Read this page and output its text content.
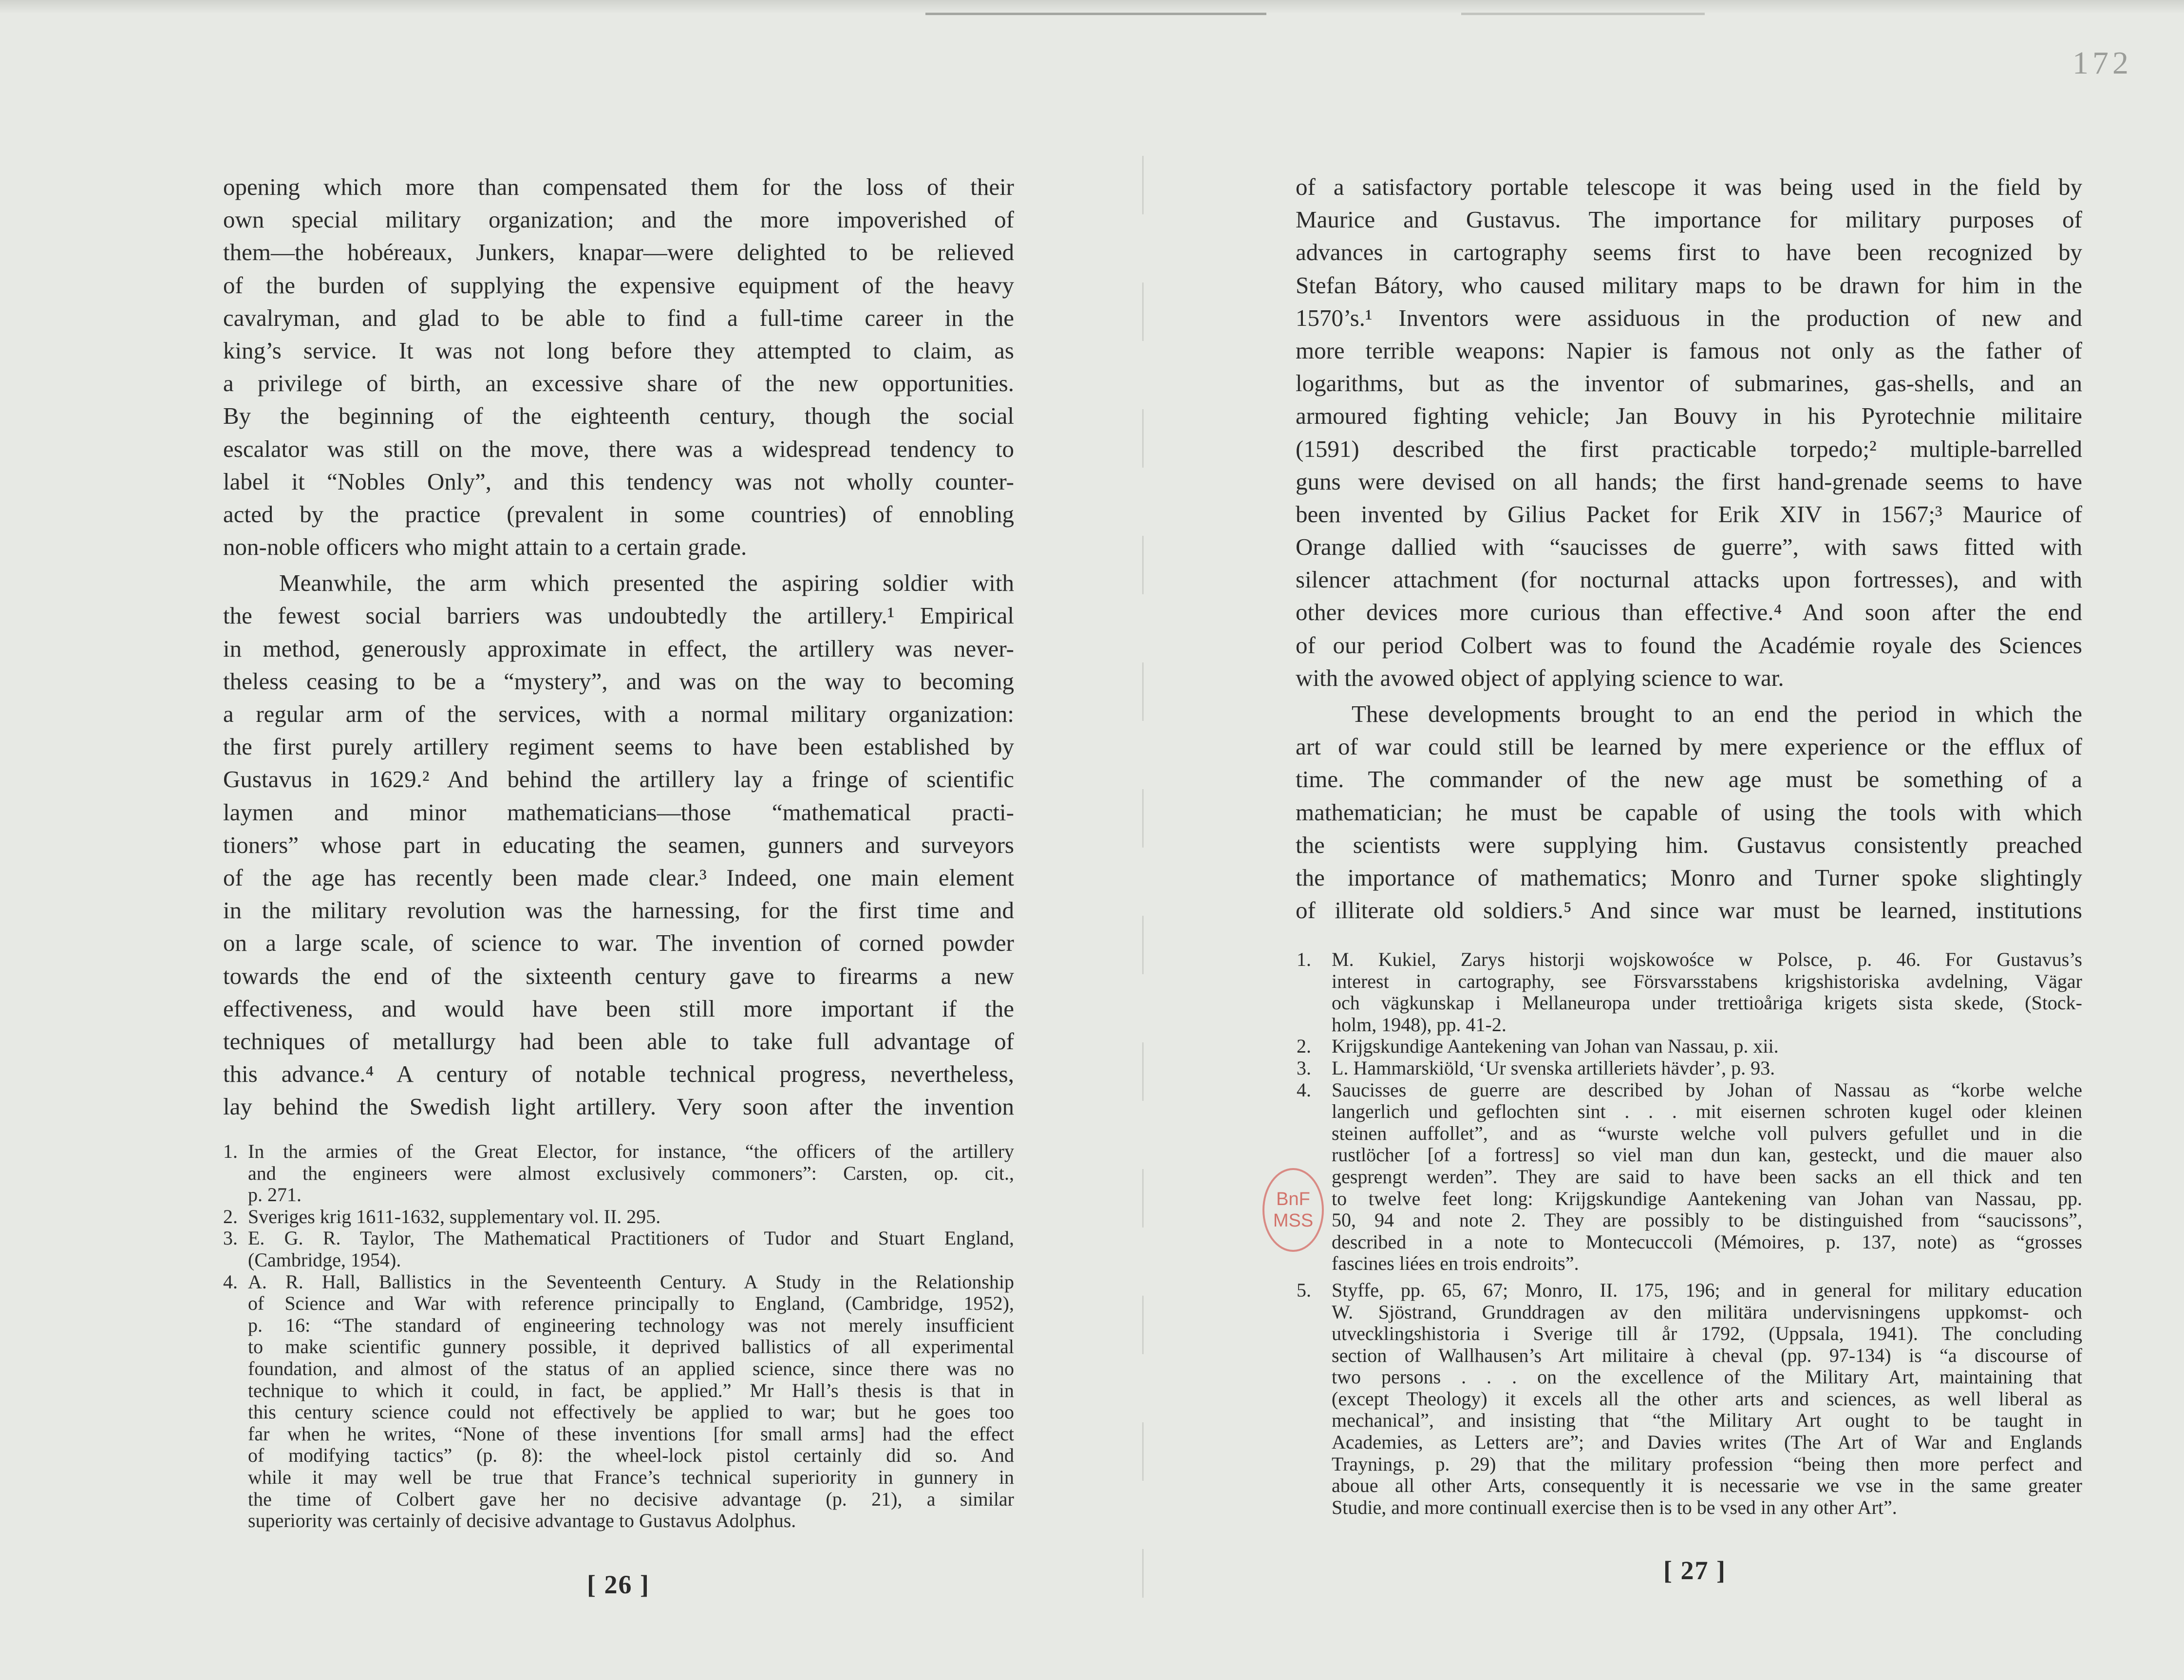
172
opening which more than compensated them for the loss of their
own special military organization; and the more impoverished of
them—the hobéreaux, Junkers, knapar—were delighted to be relieved
of the burden of supplying the expensive equipment of the heavy
cavalryman, and glad to be able to find a full-time career in the
king’s service. It was not long before they attempted to claim, as
a privilege of birth, an excessive share of the new opportunities.
By the beginning of the eighteenth century, though the social
escalator was still on the move, there was a widespread tendency to
label it “Nobles Only”, and this tendency was not wholly counter-
acted by the practice (prevalent in some countries) of ennobling
non-noble officers who might attain to a certain grade.
Meanwhile, the arm which presented the aspiring soldier with
the fewest social barriers was undoubtedly the artillery.¹ Empirical
in method, generously approximate in effect, the artillery was never-
theless ceasing to be a “mystery”, and was on the way to becoming
a regular arm of the services, with a normal military organization:
the first purely artillery regiment seems to have been established by
Gustavus in 1629.² And behind the artillery lay a fringe of scientific
laymen and minor mathematicians—those “mathematical practi-
tioners” whose part in educating the seamen, gunners and surveyors
of the age has recently been made clear.³ Indeed, one main element
in the military revolution was the harnessing, for the first time and
on a large scale, of science to war. The invention of corned powder
towards the end of the sixteenth century gave to firearms a new
effectiveness, and would have been still more important if the
techniques of metallurgy had been able to take full advantage of
this advance.⁴ A century of notable technical progress, nevertheless,
lay behind the Swedish light artillery. Very soon after the invention
of a satisfactory portable telescope it was being used in the field by
Maurice and Gustavus. The importance for military purposes of
advances in cartography seems first to have been recognized by
Stefan Bátory, who caused military maps to be drawn for him in the
1570’s.¹ Inventors were assiduous in the production of new and
more terrible weapons: Napier is famous not only as the father of
logarithms, but as the inventor of submarines, gas-shells, and an
armoured fighting vehicle; Jan Bouvy in his Pyrotechnie militaire
(1591) described the first practicable torpedo;² multiple-barrelled
guns were devised on all hands; the first hand-grenade seems to have
been invented by Gilius Packet for Erik XIV in 1567;³ Maurice of
Orange dallied with “saucisses de guerre”, with saws fitted with
silencer attachment (for nocturnal attacks upon fortresses), and with
other devices more curious than effective.⁴ And soon after the end
of our period Colbert was to found the Académie royale des Sciences
with the avowed object of applying science to war.
These developments brought to an end the period in which the
art of war could still be learned by mere experience or the efflux of
time. The commander of the new age must be something of a
mathematician; he must be capable of using the tools with which
the scientists were supplying him. Gustavus consistently preached
the importance of mathematics; Monro and Turner spoke slightingly
of illiterate old soldiers.⁵ And since war must be learned, institutions
1. In the armies of the Great Elector, for instance, “the officers of the artillery
and the engineers were almost exclusively commoners”: Carsten, op. cit.,
p. 271.
2. Sveriges krig 1611-1632, supplementary vol. II. 295.
3. E. G. R. Taylor, The Mathematical Practitioners of Tudor and Stuart England,
(Cambridge, 1954).
4. A. R. Hall, Ballistics in the Seventeenth Century. A Study in the Relationship
of Science and War with reference principally to England, (Cambridge, 1952),
p. 16: “The standard of engineering technology was not merely insufficient
to make scientific gunnery possible, it deprived ballistics of all experimental
foundation, and almost of the status of an applied science, since there was no
technique to which it could, in fact, be applied.” Mr Hall’s thesis is that in
this century science could not effectively be applied to war; but he goes too
far when he writes, “None of these inventions [for small arms] had the effect
of modifying tactics” (p. 8): the wheel-lock pistol certainly did so. And
while it may well be true that France’s technical superiority in gunnery in
the time of Colbert gave her no decisive advantage (p. 21), a similar
superiority was certainly of decisive advantage to Gustavus Adolphus.
1.	M. Kukiel, Zarys historji wojskowośce w Polsce, p. 46. For Gustavus’s
interest in cartography, see Försvarsstabens krigshistoriska avdelning, Vägar
och vägkunskap i Mellaneuropa under trettioåriga krigets sista skede, (Stock-
holm, 1948), pp. 41-2.
2.	Krijgskundige Aantekening van Johan van Nassau, p. xii.
3.	L. Hammarskiöld, ‘Ur svenska artilleriets hävder’, p. 93.
4.	Saucisses de guerre are described by Johan of Nassau as “korbe welche
langerlich und geflochten sint . . . mit eisernen schroten kugel oder kleinen
steinen auffollet”, and as “wurste welche voll pulvers gefullet und in die
rustlöcher [of a fortress] so viel man dun kan, gesteckt, und die mauer also
gesprengt werden”. They are said to have been sacks an ell thick and ten
to twelve feet long: Krijgskundige Aantekening van Johan van Nassau, pp.
50, 94 and note 2. They are possibly to be distinguished from “saucissons”,
described in a note to Montecuccoli (Mémoires, p. 137, note) as “grosses
fascines liées en trois endroits”.
5.	Styffe, pp. 65, 67; Monro, II. 175, 196; and in general for military education
W. Sjöstrand, Grunddragen av den militära undervisningens uppkomst- och
utvecklingshistoria i Sverige till år 1792, (Uppsala, 1941). The concluding
section of Wallhausen’s Art militaire à cheval (pp. 97-134) is “a discourse of
two persons . . . on the excellence of the Military Art, maintaining that
(except Theology) it excels all the other arts and sciences, as well liberal as
mechanical”, and insisting that “the Military Art ought to be taught in
Academies, as Letters are”; and Davies writes (The Art of War and Englands
Traynings, p. 29) that the military profession “being then more perfect and
aboue all other Arts, consequently it is necessarie we vse in the same greater
Studie, and more continuall exercise then is to be vsed in any other Art”.
[ 26 ]	[ 27 ]
BnF
MSS
